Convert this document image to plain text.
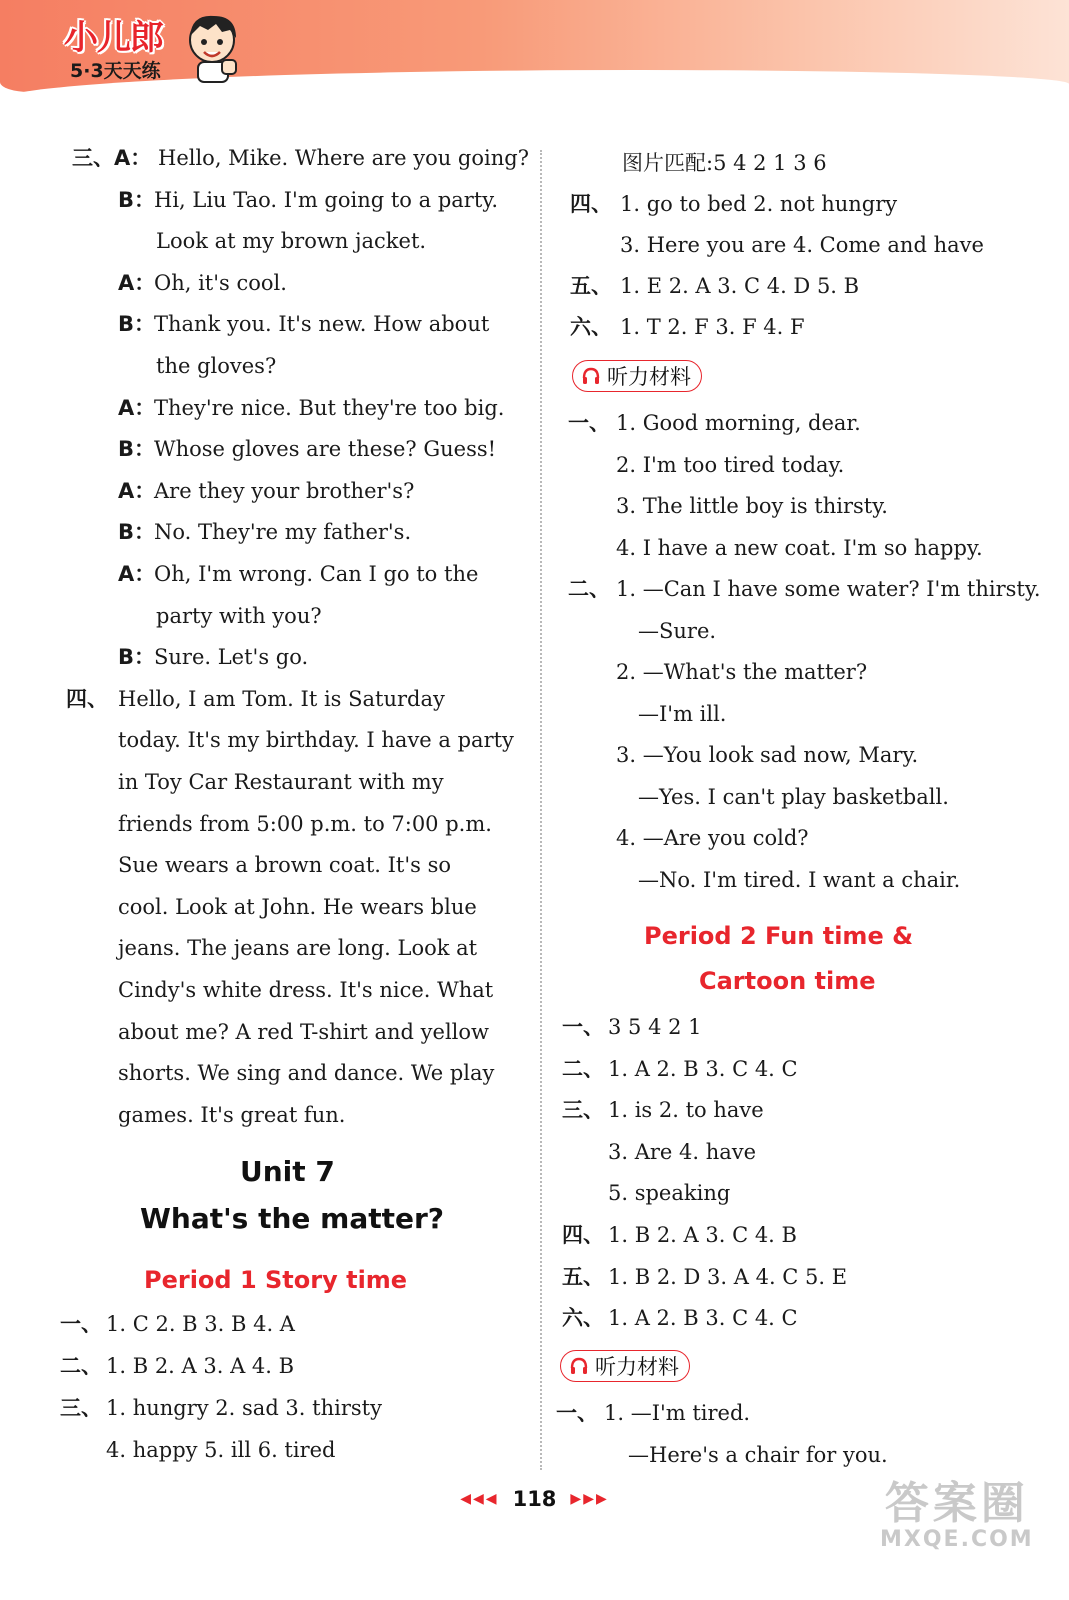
小儿郎
5·3天天练
三、A： Hello, Mike. Where are you going?
B：
Hi, Liu Tao. I'm going to a party.
Look at my brown jacket.
A：
Oh, it's cool.
B：
Thank you. It's new. How about
the gloves?
A：
They're nice. But they're too big.
B：
Whose gloves are these? Guess!
A：
Are they your brother's?
B：
No. They're my father's.
A：
Oh, I'm wrong. Can I go to the
party with you?
B：
Sure. Let's go.
四、 Hello, I am Tom. It is Saturday
today. It's my birthday. I have a party
in Toy Car Restaurant with my
friends from 5:00 p.m. to 7:00 p.m.
Sue wears a brown coat. It's so
cool. Look at John. He wears blue
jeans. The jeans are long. Look at
Cindy's white dress. It's nice. What
about me? A red T-shirt and yellow
shorts. We sing and dance. We play
games. It's great fun.
Unit 7
What's the matter?
Period 1 Story time
一、 1. C 2. B 3. B 4. A
二、 1. B 2. A 3. A 4. B
三、 1. hungry 2. sad 3. thirsty
4. happy 5. ill 6. tired
图片匹配:5 4 2 1 3 6
四、 1. go to bed 2. not hungry
3. Here you are 4. Come and have
五、 1. E 2. A 3. C 4. D 5. B
六、 1. T 2. F 3. F 4. F
听力材料
一、 1. Good morning, dear.
2. I'm too tired today.
3. The little boy is thirsty.
4. I have a new coat. I'm so happy.
二、 1. —Can I have some water? I'm thirsty.
—Sure.
2. —What's the matter?
—I'm ill.
3. —You look sad now, Mary.
—Yes. I can't play basketball.
4. —Are you cold?
—No. I'm tired. I want a chair.
Period 2 Fun time &
Cartoon time
一、 3 5 4 2 1
二、 1. A 2. B 3. C 4. C
三、 1. is 2. to have
3. Are 4. have
5. speaking
四、 1. B 2. A 3. C 4. B
五、 1. B 2. D 3. A 4. C 5. E
六、 1. A 2. B 3. C 4. C
听力材料
一、 1. —I'm tired.
—Here's a chair for you.
◀◀◀ 118 ▶▶▶	答案圈
MXQE.COM
